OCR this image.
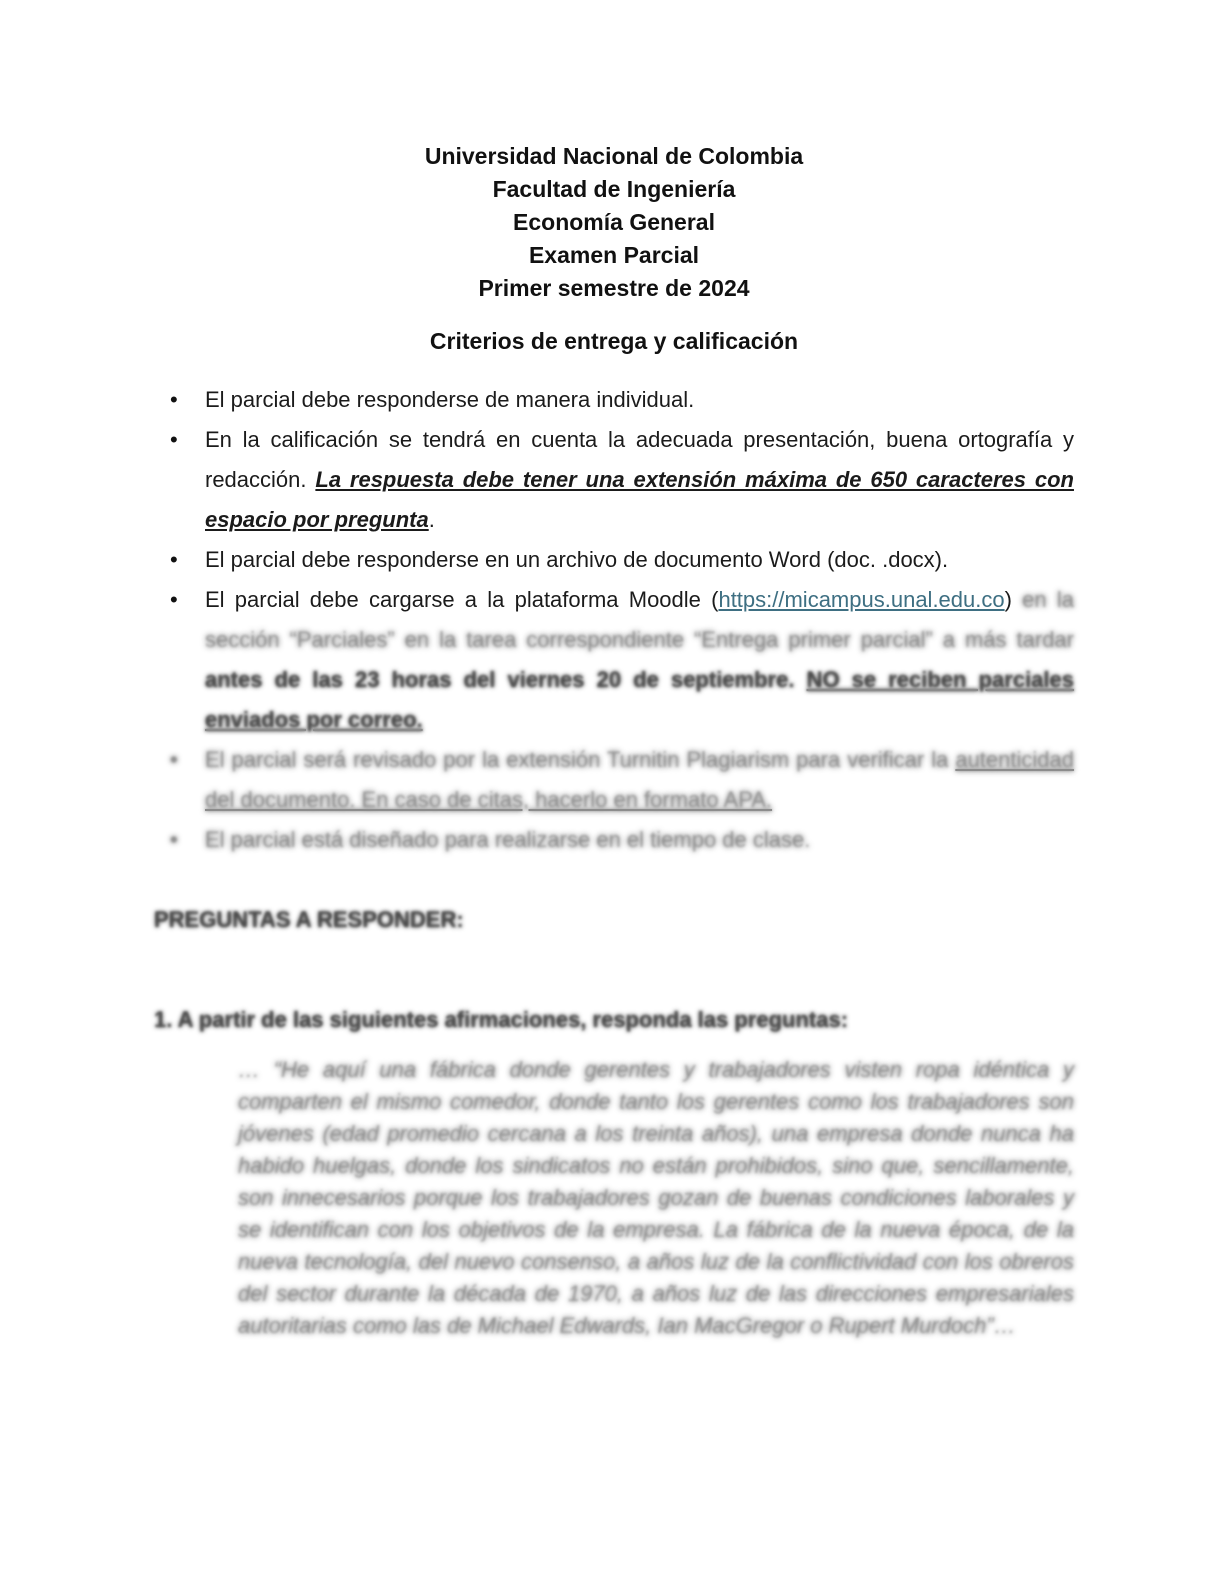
Universidad Nacional de Colombia
Facultad de Ingeniería
Economía General
Examen Parcial
Primer semestre de 2024
Criterios de entrega y calificación
• El parcial debe responderse de manera individual.
• En la calificación se tendrá en cuenta la adecuada presentación, buena ortografía y redacción. La respuesta debe tener una extensión máxima de 650 caracteres con espacio por pregunta.
• El parcial debe responderse en un archivo de documento Word (doc. .docx).
• El parcial debe cargarse a la plataforma Moodle (https://micampus.unal.edu.co) en la sección “Parciales” en la tarea correspondiente “Entrega primer parcial” a más tardar antes de las 23 horas del viernes 20 de septiembre. NO se reciben parciales enviados por correo.
• El parcial será revisado por la extensión Turnitin Plagiarism para verificar la autenticidad del documento. En caso de citas, hacerlo en formato APA.
• El parcial está diseñado para realizarse en el tiempo de clase.
PREGUNTAS A RESPONDER:
1. A partir de las siguientes afirmaciones, responda las preguntas:
… “He aquí una fábrica donde gerentes y trabajadores visten ropa idéntica y comparten el mismo comedor, donde tanto los gerentes como los trabajadores son jóvenes (edad promedio cercana a los treinta años), una empresa donde nunca ha habido huelgas, donde los sindicatos no están prohibidos, sino que, sencillamente, son innecesarios porque los trabajadores gozan de buenas condiciones laborales y se identifican con los objetivos de la empresa. La fábrica de la nueva época, de la nueva tecnología, del nuevo consenso, a años luz de la conflictividad con los obreros del sector durante la década de 1970, a años luz de las direcciones empresariales autoritarias como las de Michael Edwards, Ian MacGregor o Rupert Murdoch”…
